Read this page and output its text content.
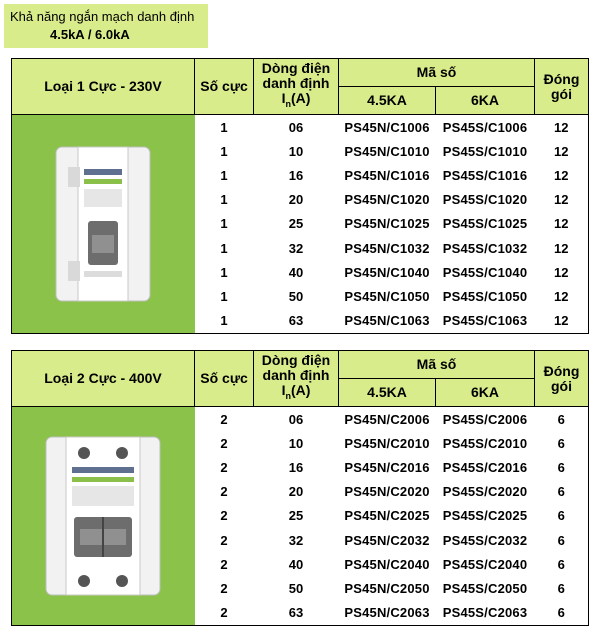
Khả năng ngắn mạch danh định
4.5kA / 6.0kA
Loại 1 Cực - 230V	Số cực	Dòng điện
danh định
$I_n(A)$	Mã số		Đóng gói
			4.5KA	6KA	

	1	06	PS45N/C1006	PS45S/C1006	12
	1	10	PS45N/C1010	PS45S/C1010	12
	1	16	PS45N/C1016	PS45S/C1016	12
	1	20	PS45N/C1020	PS45S/C1020	12
	1	25	PS45N/C1025	PS45S/C1025	12
	1	32	PS45N/C1032	PS45S/C1032	12
	1	40	PS45N/C1040	PS45S/C1040	12
	1	50	PS45N/C1050	PS45S/C1050	12
	1	63	PS45N/C1063	PS45S/C1063	12
Loại 2 Cực - 400V	Số cực	Dòng điện
danh định
$I_n(A)$	Mã số		Đóng gói
			4.5KA	6KA	

	2	06	PS45N/C2006	PS45S/C2006	6
	2	10	PS45N/C2010	PS45S/C2010	6
	2	16	PS45N/C2016	PS45S/C2016	6
	2	20	PS45N/C2020	PS45S/C2020	6
	2	25	PS45N/C2025	PS45S/C2025	6
	2	32	PS45N/C2032	PS45S/C2032	6
	2	40	PS45N/C2040	PS45S/C2040	6
	2	50	PS45N/C2050	PS45S/C2050	6
	2	63	PS45N/C2063	PS45S/C2063	6
